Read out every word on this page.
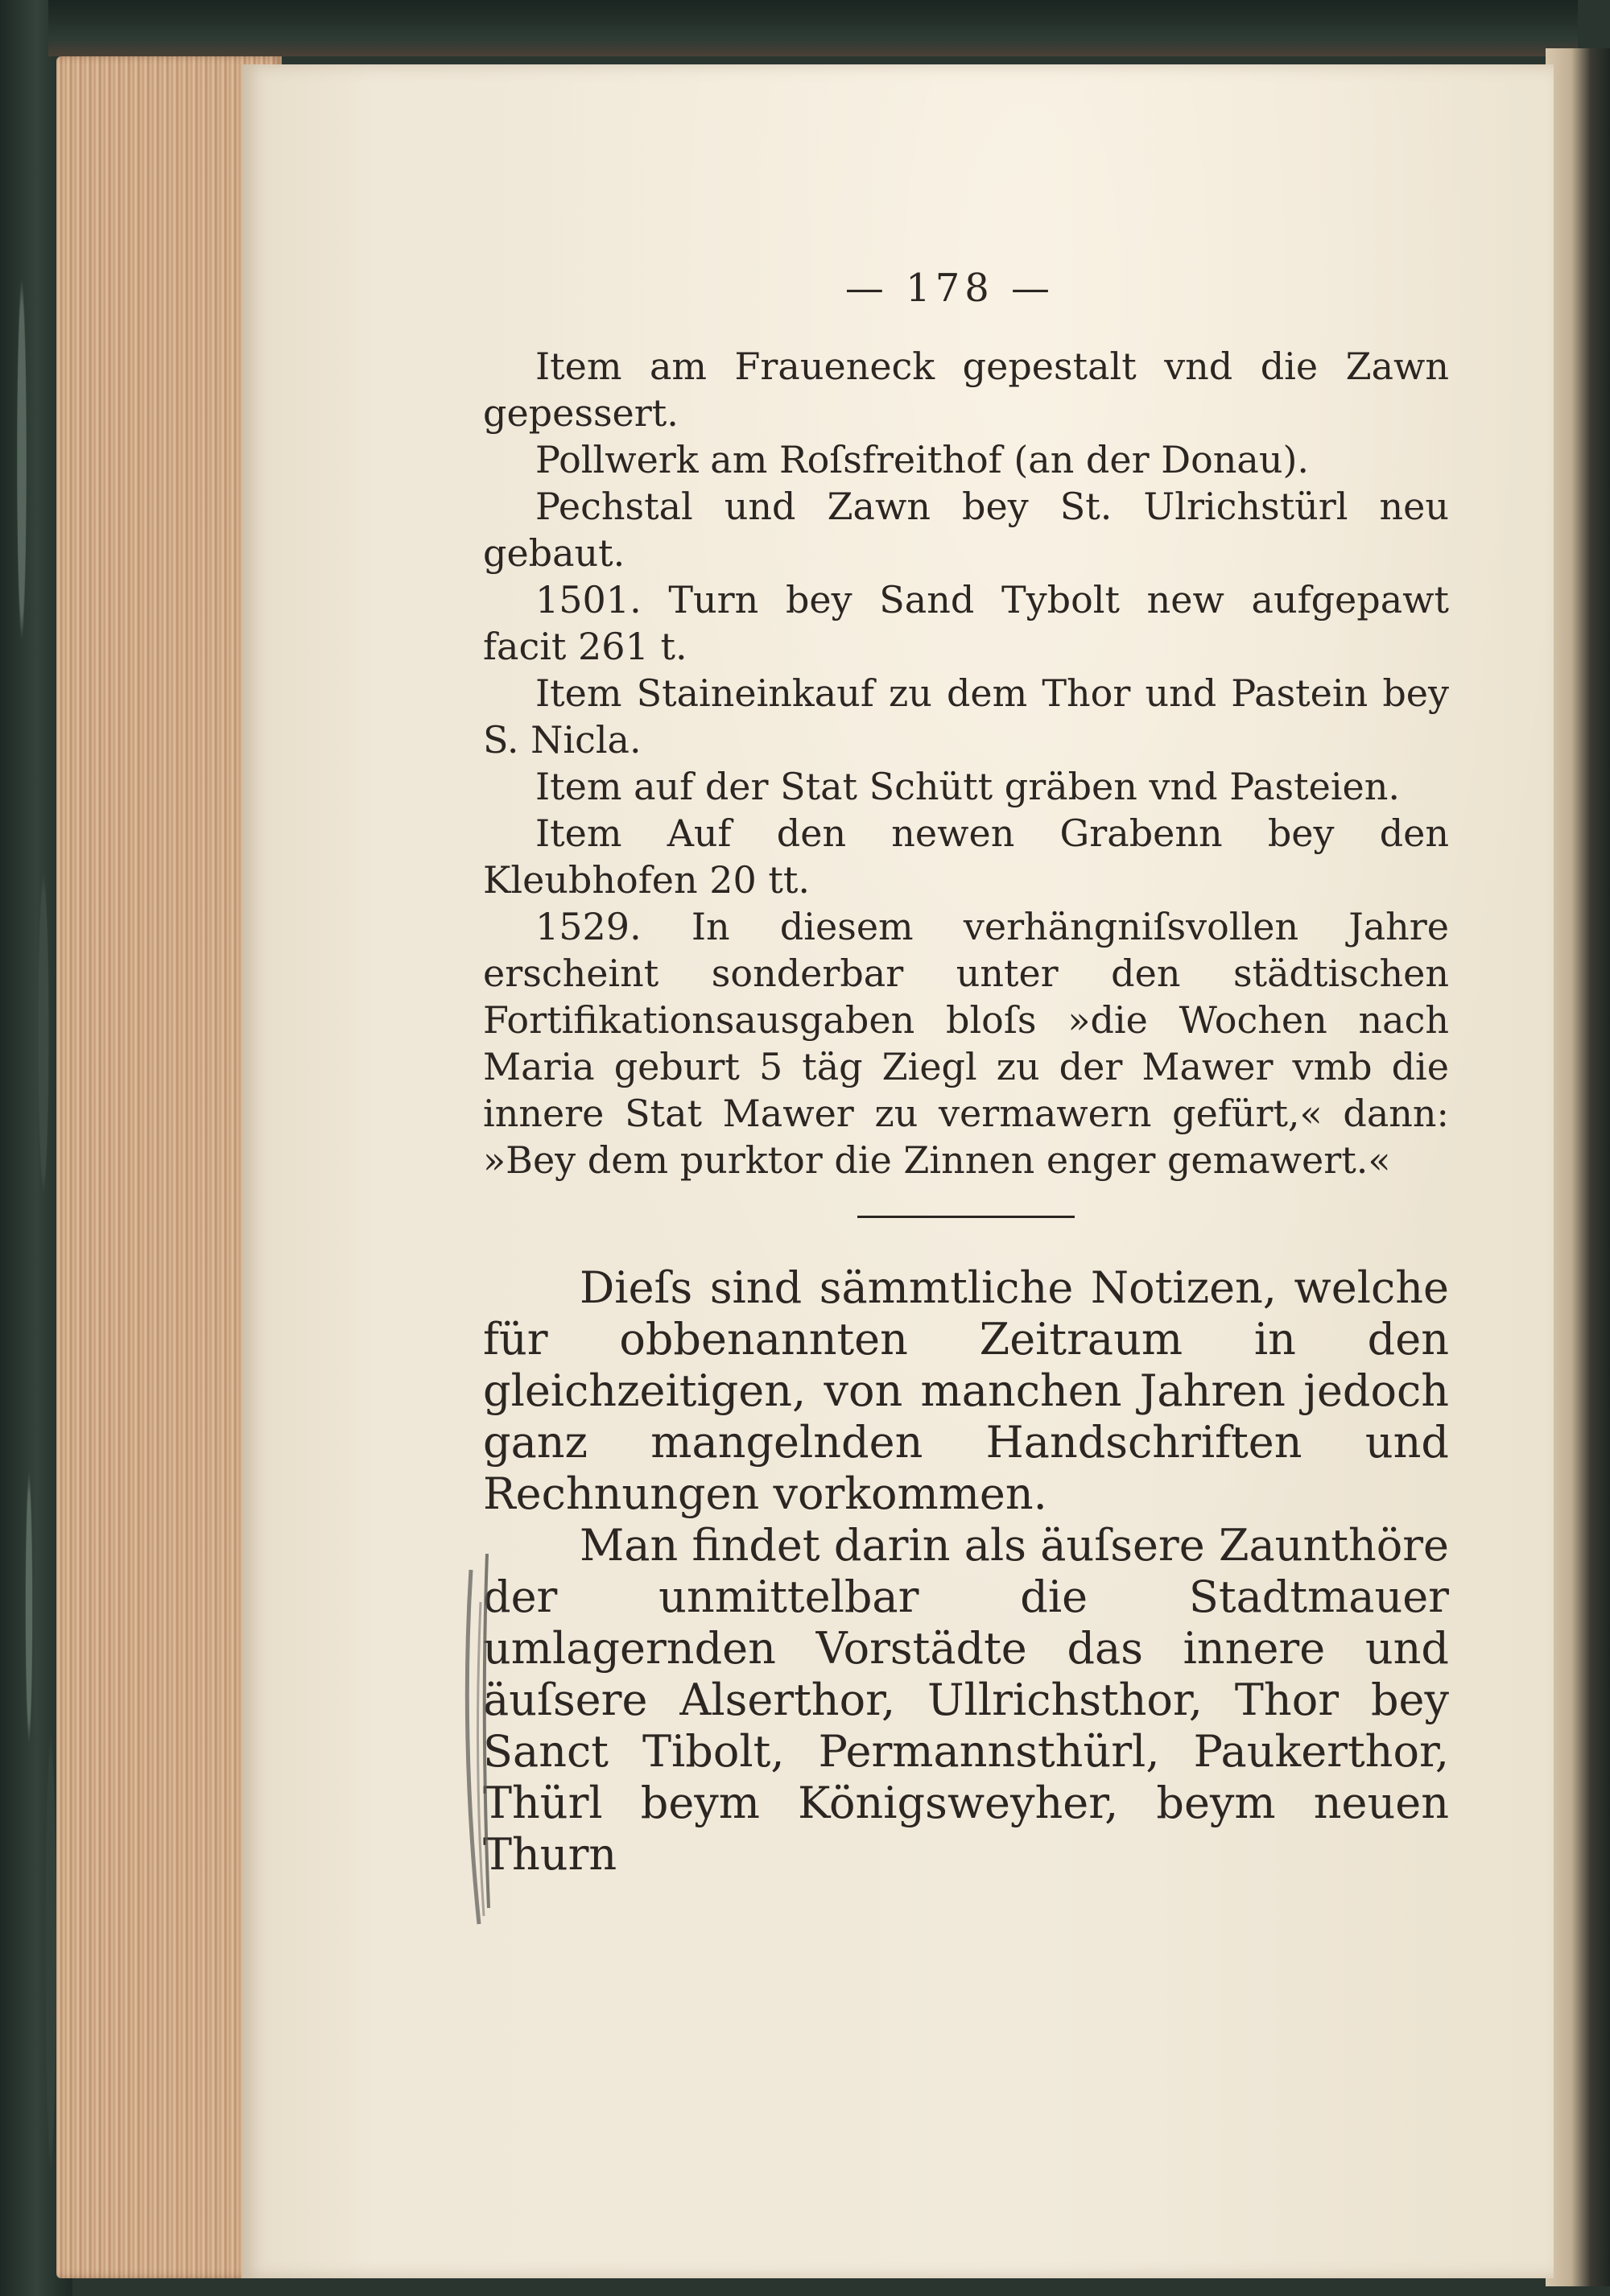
— 178 —

Item am Fraueneck gepestalt vnd die Zawn gepessert.

Pollwerk am Roſsfreithof (an der Donau).

Pechstal und Zawn bey St. Ulrichstürl neu gebaut.

1501. Turn bey Sand Tybolt new aufgepawt facit 261 t.

Item Staineinkauf zu dem Thor und Pastein bey S. Nicla.

Item auf der Stat Schütt gräben vnd Pasteien.

Item Auf den newen Grabenn bey den Kleubhofen 20 tt.

1529. In diesem verhängniſsvollen Jahre erscheint sonderbar unter den städtischen Fortifikationsausgaben bloſs »die Wochen nach Maria geburt 5 täg Ziegl zu der Mawer vmb die innere Stat Mawer zu vermawern gefürt,« dann: »Bey dem purktor die Zinnen enger gemawert.«

Dieſs sind sämmtliche Notizen, welche für obbenannten Zeitraum in den gleichzeitigen, von manchen Jahren jedoch ganz mangelnden Handschriften und Rechnungen vorkommen.

Man findet darin als äuſsere Zaunthöre der unmittelbar die Stadtmauer umlagernden Vorstädte das innere und äuſsere Alserthor, Ullrichsthor, Thor bey Sanct Tibolt, Permannsthürl, Paukerthor, Thürl beym Königsweyher, beym neuen Thurn
